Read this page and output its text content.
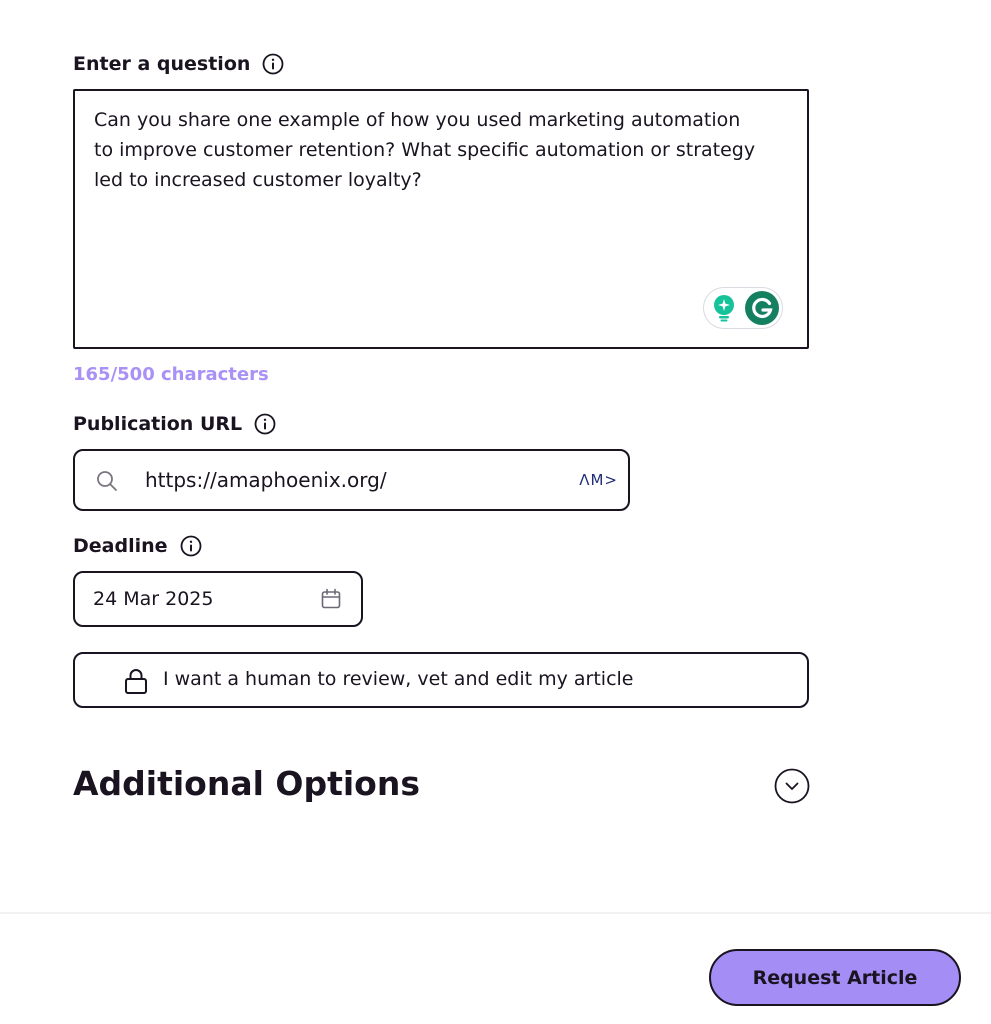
Enter a question
Can you share one example of how you used marketing automation
to improve customer retention? What specific automation or strategy
led to increased customer loyalty?
165/500 characters
Publication URL
https://amaphoenix.org/	ΛM>
Deadline
24 Mar 2025
I want a human to review, vet and edit my article
Additional Options
Request Article
